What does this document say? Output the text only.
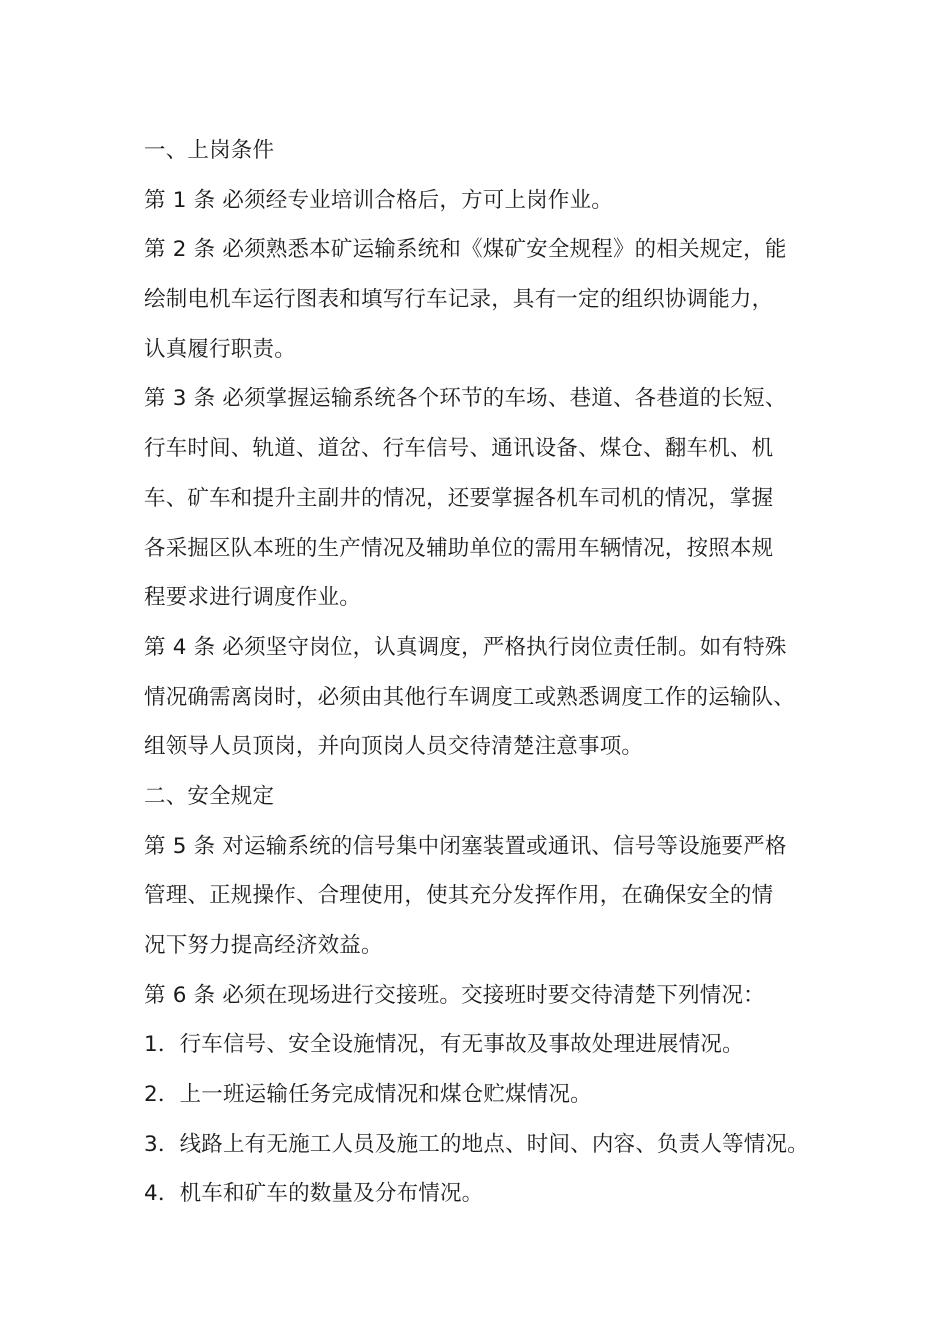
一、上岗条件
第 1 条 必须经专业培训合格后，方可上岗作业。
第 2 条 必须熟悉本矿运输系统和《煤矿安全规程》的相关规定，能
绘制电机车运行图表和填写行车记录，具有一定的组织协调能力，
认真履行职责。
第 3 条 必须掌握运输系统各个环节的车场、巷道、各巷道的长短、
行车时间、轨道、道岔、行车信号、通讯设备、煤仓、翻车机、机
车、矿车和提升主副井的情况，还要掌握各机车司机的情况，掌握
各采掘区队本班的生产情况及辅助单位的需用车辆情况，按照本规
程要求进行调度作业。
第 4 条 必须坚守岗位，认真调度，严格执行岗位责任制。如有特殊
情况确需离岗时，必须由其他行车调度工或熟悉调度工作的运输队、
组领导人员顶岗，并向顶岗人员交待清楚注意事项。
二、安全规定
第 5 条 对运输系统的信号集中闭塞装置或通讯、信号等设施要严格
管理、正规操作、合理使用，使其充分发挥作用，在确保安全的情
况下努力提高经济效益。
第 6 条 必须在现场进行交接班。交接班时要交待清楚下列情况：
1．行车信号、安全设施情况，有无事故及事故处理进展情况。
2．上一班运输任务完成情况和煤仓贮煤情况。
3．线路上有无施工人员及施工的地点、时间、内容、负责人等情况。
4．机车和矿车的数量及分布情况。
